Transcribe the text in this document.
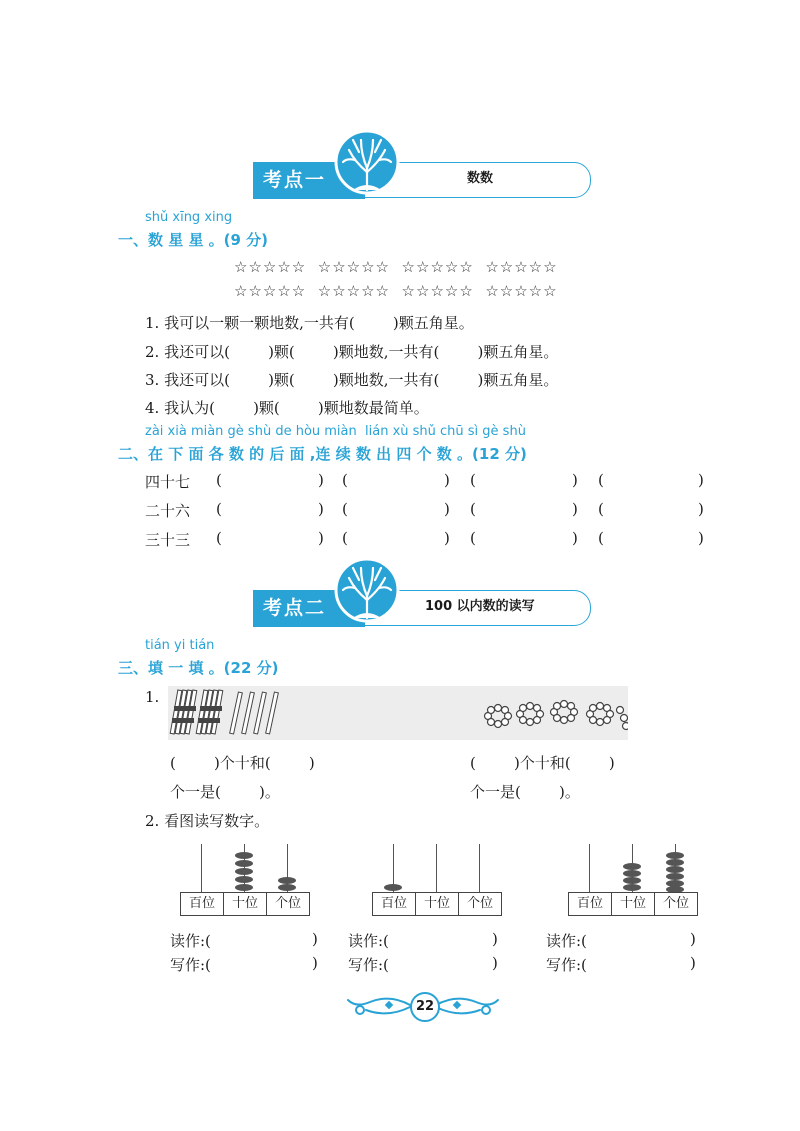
考点一	数数
shǔ xīng xing
一、数 星 星 。(9 分)
☆☆☆☆☆  ☆☆☆☆☆  ☆☆☆☆☆  ☆☆☆☆☆
☆☆☆☆☆  ☆☆☆☆☆  ☆☆☆☆☆  ☆☆☆☆☆
1. 我可以一颗一颗地数,一共有(        )颗五角星。
2. 我还可以(        )颗(        )颗地数,一共有(        )颗五角星。
3. 我还可以(        )颗(        )颗地数,一共有(        )颗五角星。
4. 我认为(        )颗(        )颗地数最简单。
zài xià miàn gè shù de hòu miàn  lián xù shǔ chū sì gè shù
二、在 下 面 各 数 的 后 面 ,连 续 数 出 四 个 数 。(12 分)
四十七 (	) (	) (	) (	)
二十六 (	) (	) (	) (	)
三十三 (	) (	) (	) (	)
考点二	100 以内数的读写
tián yi tián
三、填 一 填 。(22 分)
1.
(        )个十和(        )
个一是(        )。
(        )个十和(        )
个一是(        )。
2. 看图读写数字。
百位	十位	个位	百位	十位	个位	百位	十位	个位
读作:(	)
写作:(	)
读作:(	)
写作:(	)
读作:(	)
写作:(	)
22
